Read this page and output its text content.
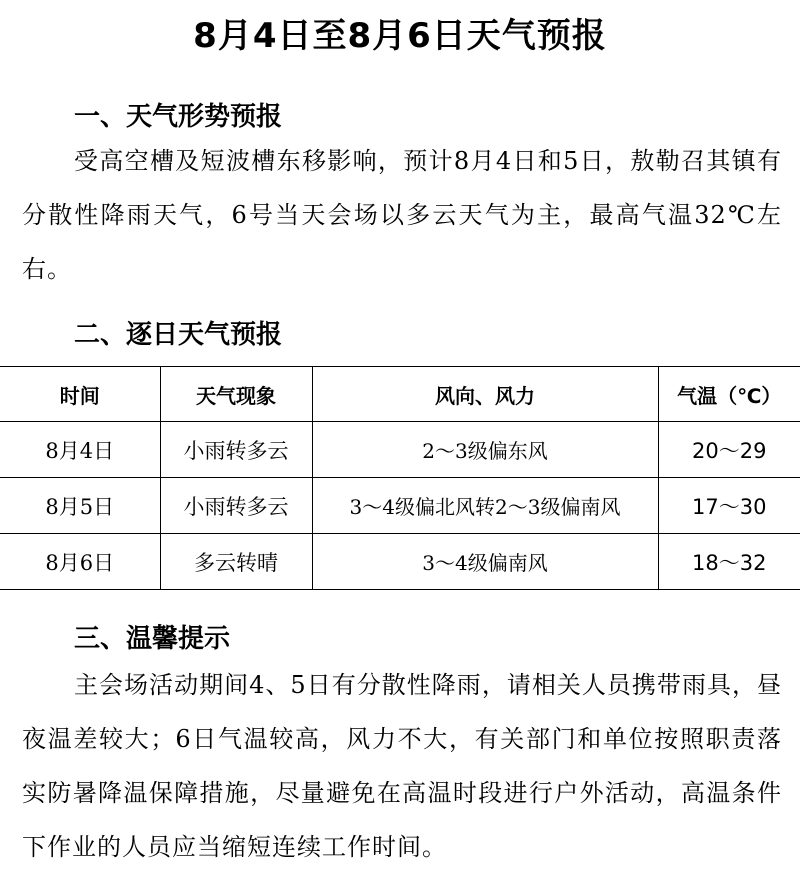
8月4日至8月6日天气预报
一、天气形势预报
受高空槽及短波槽东移影响，预计8月4日和5日，敖勒召其镇有分散性降雨天气，6号当天会场以多云天气为主，最高气温32℃左右。
二、逐日天气预报
时间	天气现象	风向、风力	气温（℃）
8月4日	小雨转多云	2～3级偏东风	20～29
8月5日	小雨转多云	3～4级偏北风转2～3级偏南风	17～30
8月6日	多云转晴	3～4级偏南风	18～32
三、温馨提示
主会场活动期间4、5日有分散性降雨，请相关人员携带雨具，昼夜温差较大；6日气温较高，风力不大，有关部门和单位按照职责落实防暑降温保障措施，尽量避免在高温时段进行户外活动，高温条件下作业的人员应当缩短连续工作时间。
